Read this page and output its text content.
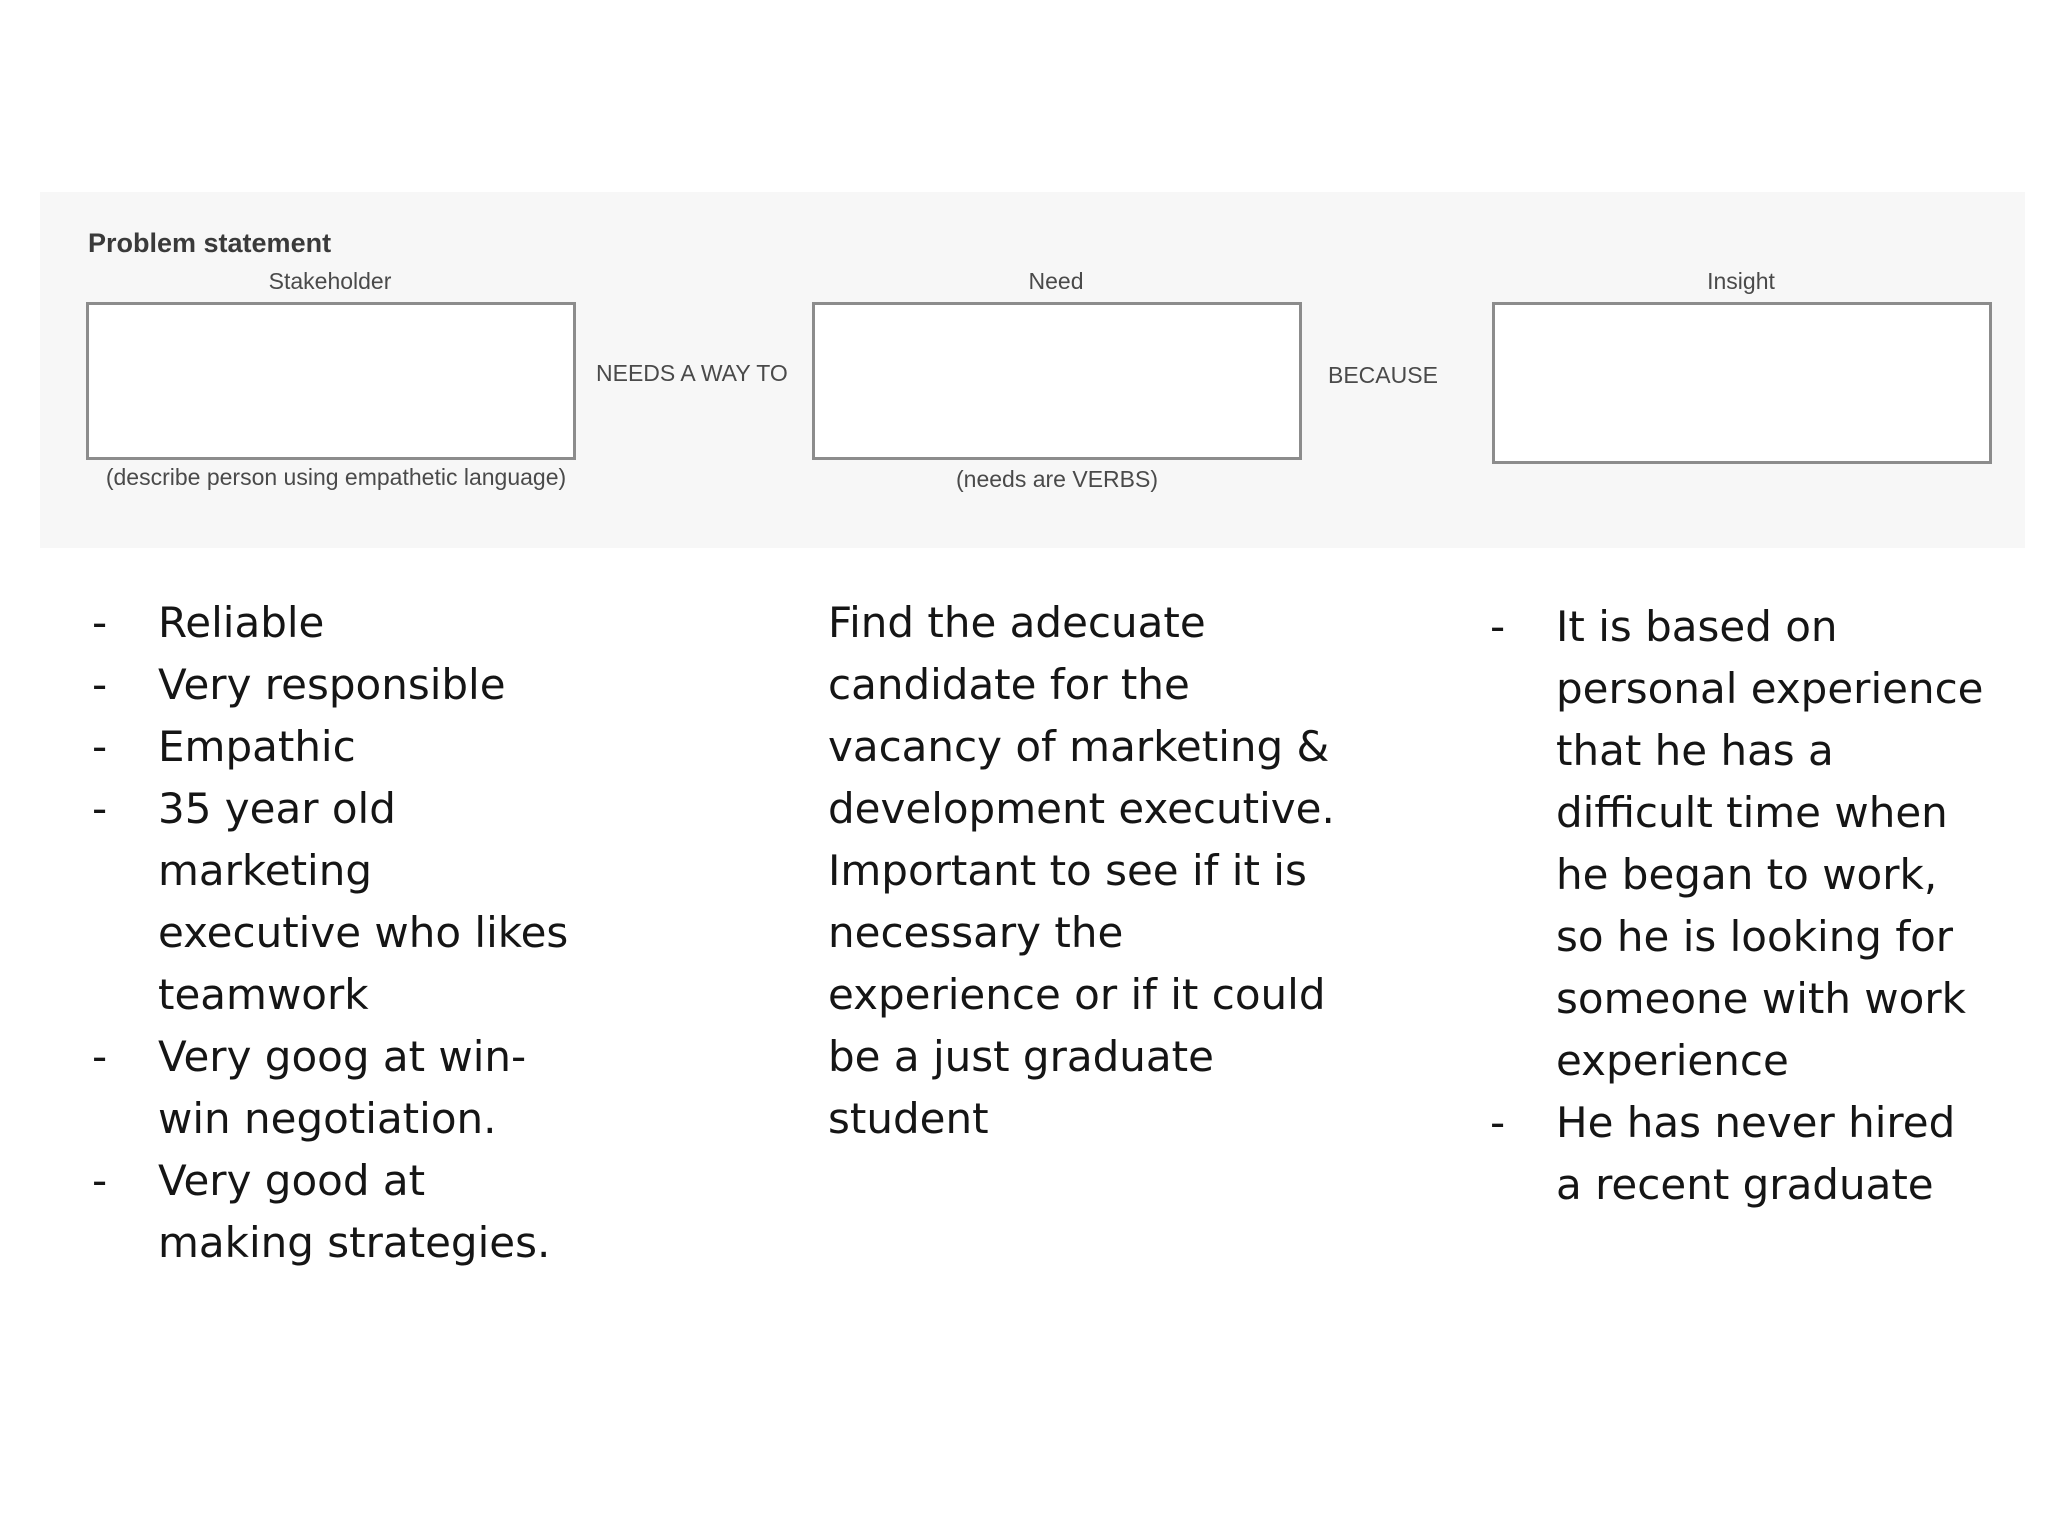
Problem statement
Stakeholder	Need	Insight
NEEDS A WAY TO	BECAUSE
(describe person using empathetic language)	(needs are VERBS)
- Reliable
- Very responsible
- Empathic
- 35 year old marketing executive who likes teamwork
- Very goog at win-win negotiation.
- Very good at making strategies.

Find the adecuate candidate for the vacancy of marketing & development executive. Important to see if it is necessary the experience or if it could be a just graduate student

- It is based on personal experience that he has a difficult time when he began to work, so he is looking for someone with work experience
- He has never hired a recent graduate
